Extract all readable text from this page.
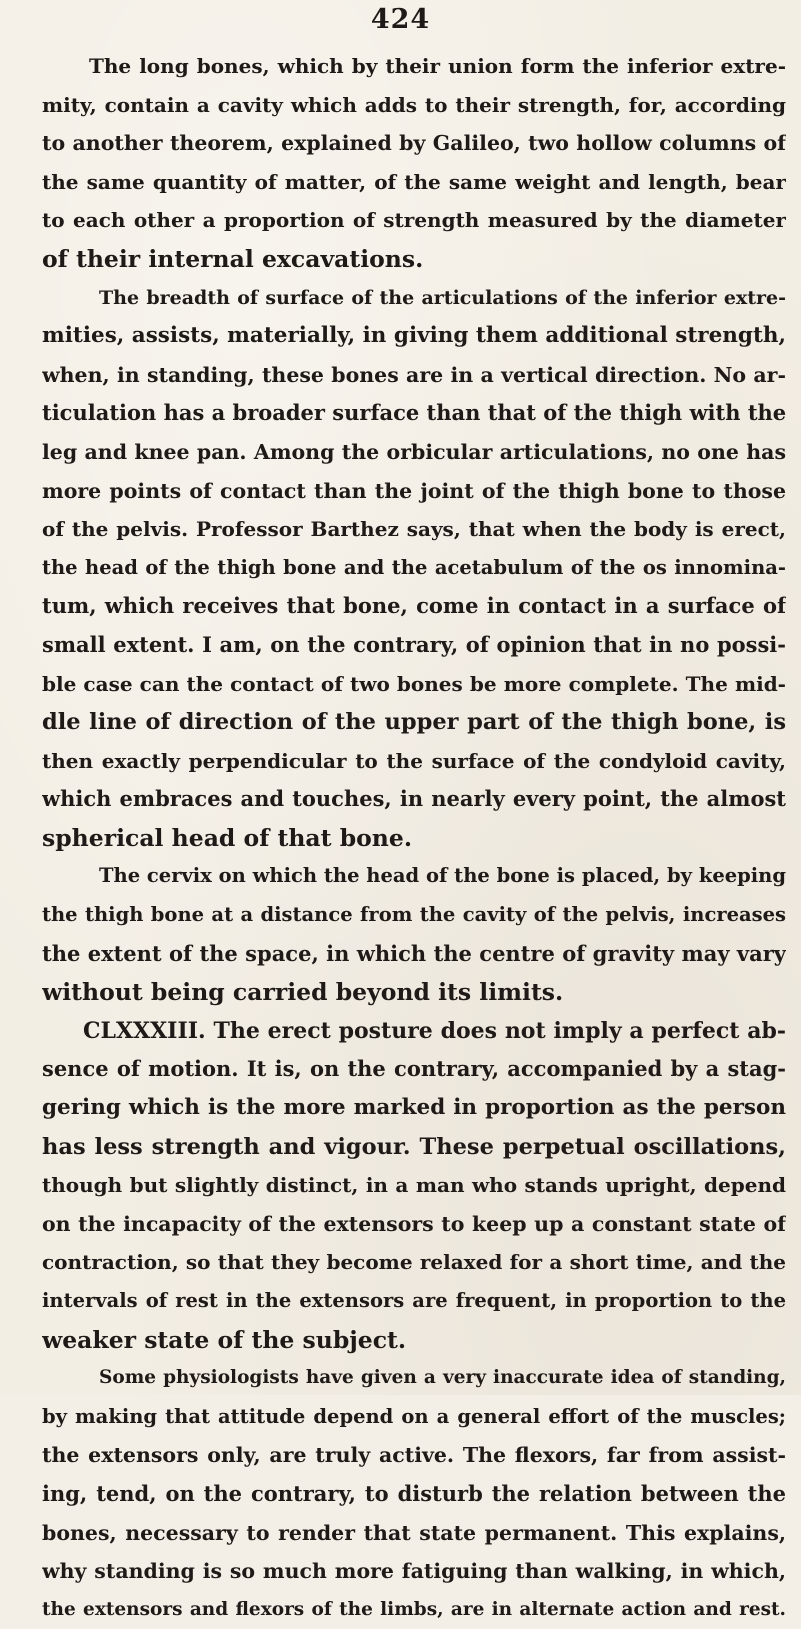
424
The long bones, which by their union form the inferior extre-
mity, contain a cavity which adds to their strength, for, according
to another theorem, explained by Galileo, two hollow columns of
the same quantity of matter, of the same weight and length, bear
to each other a proportion of strength measured by the diameter
of their internal excavations.
The breadth of surface of the articulations of the inferior extre-
mities, assists, materially, in giving them additional strength,
when, in standing, these bones are in a vertical direction. No ar-
ticulation has a broader surface than that of the thigh with the
leg and knee pan. Among the orbicular articulations, no one has
more points of contact than the joint of the thigh bone to those
of the pelvis. Professor Barthez says, that when the body is erect,
the head of the thigh bone and the acetabulum of the os innomina-
tum, which receives that bone, come in contact in a surface of
small extent. I am, on the contrary, of opinion that in no possi-
ble case can the contact of two bones be more complete. The mid-
dle line of direction of the upper part of the thigh bone, is
then exactly perpendicular to the surface of the condyloid cavity,
which embraces and touches, in nearly every point, the almost
spherical head of that bone.
The cervix on which the head of the bone is placed, by keeping
the thigh bone at a distance from the cavity of the pelvis, increases
the extent of the space, in which the centre of gravity may vary
without being carried beyond its limits.
CLXXXIII. The erect posture does not imply a perfect ab-
sence of motion. It is, on the contrary, accompanied by a stag-
gering which is the more marked in proportion as the person
has less strength and vigour. These perpetual oscillations,
though but slightly distinct, in a man who stands upright, depend
on the incapacity of the extensors to keep up a constant state of
contraction, so that they become relaxed for a short time, and the
intervals of rest in the extensors are frequent, in proportion to the
weaker state of the subject.
Some physiologists have given a very inaccurate idea of standing,
by making that attitude depend on a general effort of the muscles;
the extensors only, are truly active. The flexors, far from assist-
ing, tend, on the contrary, to disturb the relation between the
bones, necessary to render that state permanent. This explains,
why standing is so much more fatiguing than walking, in which,
the extensors and flexors of the limbs, are in alternate action and rest.
